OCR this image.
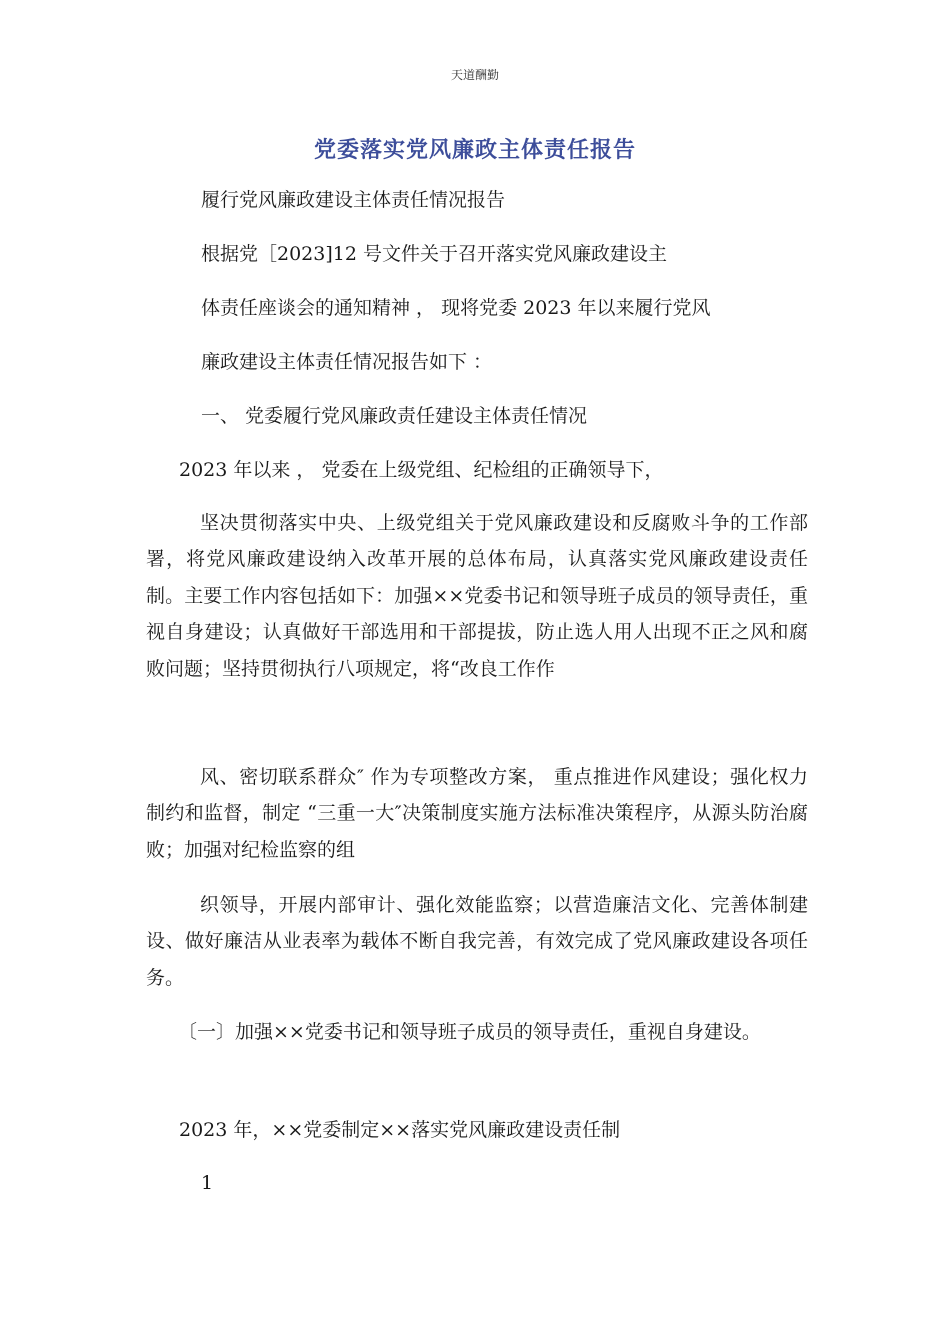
天道酬勤
党委落实党风廉政主体责任报告
履行党风廉政建设主体责任情况报告
根据党［2023]12 号文件关于召开落实党风廉政建设主
体责任座谈会的通知精神 ， 现将党委 2023 年以来履行党风
廉政建设主体责任情况报告如下 ：
一、 党委履行党风廉政责任建设主体责任情况
2023 年以来 ， 党委在上级党组、纪检组的正确领导下，
坚决贯彻落实中央、上级党组关于党风廉政建设和反腐败斗争的工作部署，将党风廉政建设纳入改革开展的总体布局，认真落实党风廉政建设责任制。主要工作内容包括如下：加强××党委书记和领导班子成员的领导责任，重视自身建设；认真做好干部选用和干部提拔，防止选人用人出现不正之风和腐败问题；坚持贯彻执行八项规定，将“改良工作作
风、密切联系群众″ 作为专项整改方案， 重点推进作风建设；强化权力制约和监督，制定 “三重一大″决策制度实施方法标准决策程序，从源头防治腐败；加强对纪检监察的组
织领导，开展内部审计、强化效能监察；以营造廉洁文化、完善体制建设、做好廉洁从业表率为载体不断自我完善，有效完成了党风廉政建设各项任务。
〔一〕加强××党委书记和领导班子成员的领导责任，重视自身建设。
2023 年，××党委制定××落实党风廉政建设责任制
1
